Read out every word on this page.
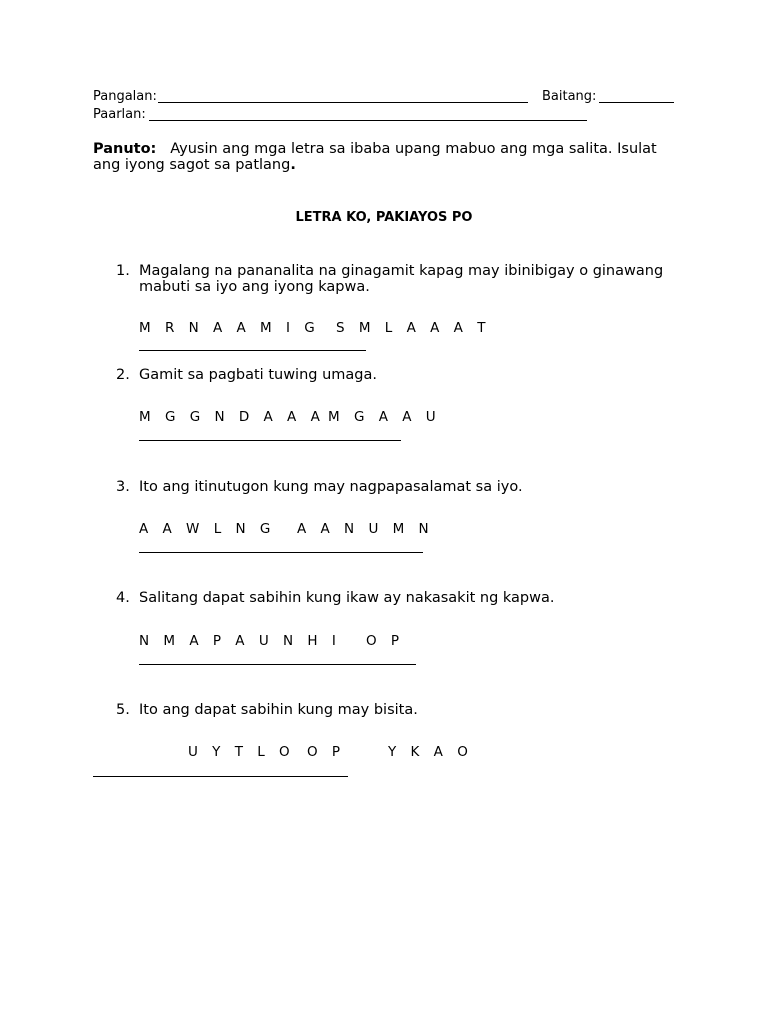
Pangalan:	Baitang:
Paarlan:
Panuto: Ayusin ang mga letra sa ibaba upang mabuo ang mga salita. Isulat ang iyong sagot sa patlang.
LETRA KO, PAKIAYOS PO
1. Magalang na pananalita na ginagamit kapag may ibinibigay o ginawang mabuti sa iyo ang iyong kapwa.
M R N A A M I G S M L A A A T
2. Gamit sa pagbati tuwing umaga.
M G G N D A A A M G A A U
3. Ito ang itinutugon kung may nagpapasalamat sa iyo.
A A W L N G A A N U M N
4. Salitang dapat sabihin kung ikaw ay nakasakit ng kapwa.
N M A P A U N H I O P
5. Ito ang dapat sabihin kung may bisita.
U Y T L O O P	Y K A O
